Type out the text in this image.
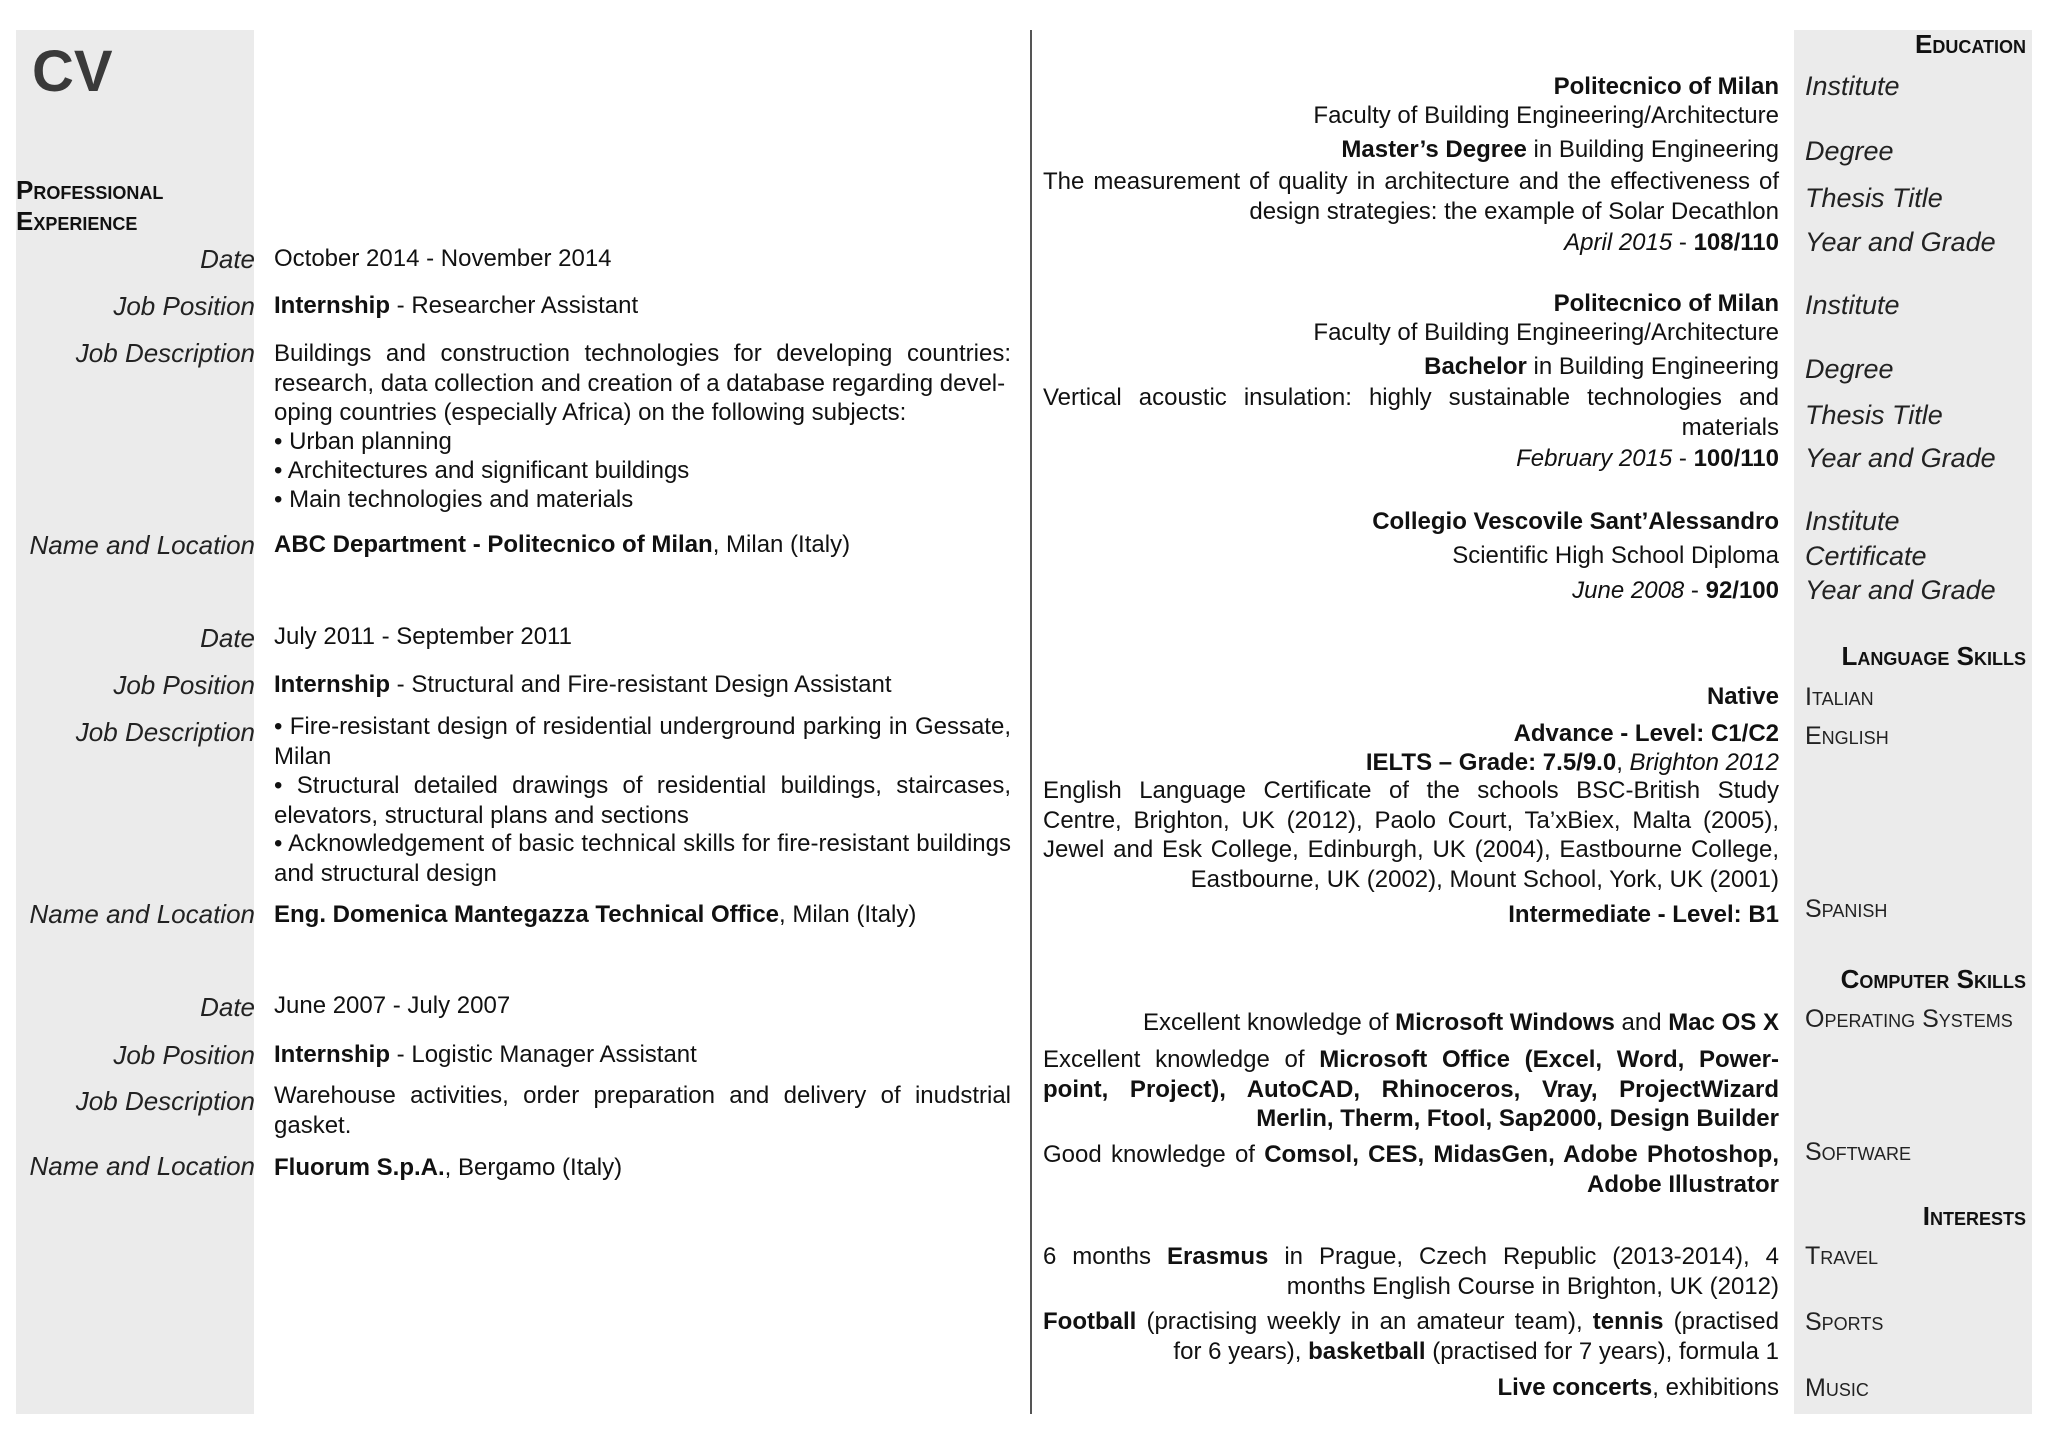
CV
Professional
Experience
Date October 2014 - November 2014
Job Position Internship - Researcher Assistant
Job Description Buildings and construction technologies for developing countries: research, data collection and creation of a database regarding devel-
oping countries (especially Africa) on the following subjects:
• Urban planning
• Architectures and significant buildings
• Main technologies and materials
Name and Location ABC Department - Politecnico of Milan, Milan (Italy)
Date July 2011 - September 2011
Job Position Internship - Structural and Fire-resistant Design Assistant
Job Description • Fire-resistant design of residential underground parking in Gessate, Milan
• Structural detailed drawings of residential buildings, staircases, elevators, structural plans and sections
• Acknowledgement of basic technical skills for fire-resistant buildings and structural design
Name and Location Eng. Domenica Mantegazza Technical Office, Milan (Italy)
Date June 2007 - July 2007
Job Position Internship - Logistic Manager Assistant
Job Description Warehouse activities, order preparation and delivery of inudstrial gasket.
Name and Location Fluorum S.p.A., Bergamo (Italy)
Education
Politecnico of Milan Institute
Faculty of Building Engineering/Architecture
Master’s Degree in Building Engineering Degree
The measurement of quality in architecture and the effectiveness of design strategies: the example of Solar Decathlon Thesis Title
April 2015 - 108/110 Year and Grade
Politecnico of Milan Institute
Faculty of Building Engineering/Architecture
Bachelor in Building Engineering Degree
Vertical acoustic insulation: highly sustainable technologies and materials Thesis Title
February 2015 - 100/110 Year and Grade
Collegio Vescovile Sant’Alessandro Institute
Scientific High School Diploma Certificate
June 2008 - 92/100 Year and Grade
Language Skills
Native Italian
Advance - Level: C1/C2 English
IELTS – Grade: 7.5/9.0, Brighton 2012
English Language Certificate of the schools BSC-British Study Centre, Brighton, UK (2012), Paolo Court, Ta’xBiex, Malta (2005), Jewel and Esk College, Edinburgh, UK (2004), Eastbourne College, Eastbourne, UK (2002), Mount School, York, UK (2001)
Intermediate - Level: B1 Spanish
Computer Skills
Excellent knowledge of Microsoft Windows and Mac OS X Operating Systems
Excellent knowledge of Microsoft Office (Excel, Word, Power-point, Project), AutoCAD, Rhinoceros, Vray, ProjectWizard Merlin, Therm, Ftool, Sap2000, Design Builder
Good knowledge of Comsol, CES, MidasGen, Adobe Photoshop, Adobe Illustrator
Software
Interests
6 months Erasmus in Prague, Czech Republic (2013-2014), 4 months English Course in Brighton, UK (2012)
Travel
Football (practising weekly in an amateur team), tennis (practised for 6 years), basketball (practised for 7 years), formula 1
Sports
Live concerts, exhibitions Music
